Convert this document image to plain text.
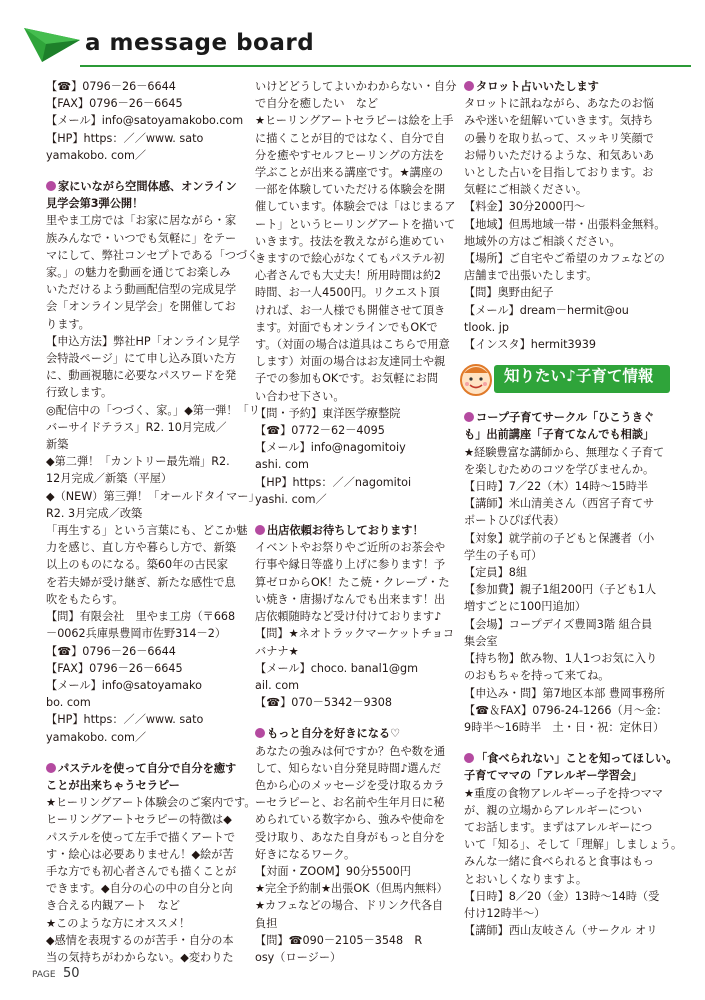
a message board
【☎】0796－26－6644
【FAX】0796－26－6645
【メール】info@satoyamakobo.com
【HP】https：／／www. sato
yamakobo. com／
家にいながら空間体感、オンライン
見学会第3弾公開！
里やま工房では「お家に居ながら・家
族みんなで・いつでも気軽に」をテー
マにして、弊社コンセプトである「つづく、
家。」の魅力を動画を通じてお楽しみ
いただけるよう動画配信型の完成見学
会「オンライン見学会」を開催してお
ります。
【申込方法】弊社HP「オンライン見学
会特設ページ」にて申し込み頂いた方
に、動画視聴に必要なパスワードを発
行致します。
◎配信中の「つづく、家。」◆第一弾！「リ
バーサイドテラス」R2. 10月完成／
新築
◆第二弾！「カントリー最先端」R2.
12月完成／新築（平屋）
◆（NEW）第三弾！「オールドタイマー」
R2. 3月完成／改築
「再生する」という言葉にも、どこか魅
力を感じ、直し方や暮らし方で、新築
以上のものになる。築60年の古民家
を若夫婦が受け継ぎ、新たな感性で息
吹をもたらす。
【問】有限会社　里やま工房（〒668
－0062兵庫県豊岡市佐野314－2）
【☎】0796－26－6644
【FAX】0796－26－6645
【メール】info@satoyamako
bo. com
【HP】https：／／www. sato
yamakobo. com／
パステルを使って自分で自分を癒す
ことが出来ちゃうセラピー
★ヒーリングアート体験会のご案内です。
ヒーリングアートセラピーの特徴は◆
パステルを使って左手で描くアートで
す・絵心は必要ありません！◆絵が苦
手な方でも初心者さんでも描くことが
できます。◆自分の心の中の自分と向
き合える内観アート　など
★このような方にオススメ！
◆感情を表現するのが苦手・自分の本
当の気持ちがわからない。◆変わりた
いけどどうしてよいかわからない・自分
で自分を癒したい　など
★ヒーリングアートセラピーは絵を上手
に描くことが目的ではなく、自分で自
分を癒やすセルフヒーリングの方法を
学ぶことが出来る講座です。★講座の
一部を体験していただける体験会を開
催しています。体験会では「はじまるア
ート」というヒーリングアートを描いて
いきます。技法を教えながら進めてい
きますので絵心がなくてもパステル初
心者さんでも大丈夫！所用時間は約2
時間、お一人4500円。リクエスト頂
ければ、お一人様でも開催させて頂き
ます。対面でもオンラインでもOKで
す。（対面の場合は道具はこちらで用意
します）対面の場合はお友達同士や親
子での参加もOKです。お気軽にお問
い合わせ下さい。
【問・予約】東洋医学療整院
【☎】0772－62－4095
【メール】info@nagomitoiy
ashi. com
【HP】https：／／nagomitoi
yashi. com／
出店依頼お待ちしております！
イベントやお祭りやご近所のお茶会や
行事や縁日等盛り上げに参ります！予
算ゼロからOK！たこ焼・クレープ・た
い焼き・唐揚げなんでも出来ます！出
店依頼随時など受け付けております♪
【問】★ネオトラックマーケットチョコ
バナナ★
【メール】choco. banal1@gm
ail. com
【☎】070－5342－9308
もっと自分を好きになる♡
あなたの強みは何ですか？色や数を通
して、知らない自分発見時間♪選んだ
色から心のメッセージを受け取るカラ
ーセラピーと、お名前や生年月日に秘
められている数字から、強みや使命を
受け取り、あなた自身がもっと自分を
好きになるワーク。
【対面・ZOOM】90分5500円
★完全予約制★出張OK（但馬内無料）
★カフェなどの場合、ドリンク代各自
負担
【問】☎090－2105－3548　R
osy（ロージー）
タロット占いいたします
タロットに訊ねながら、あなたのお悩
みや迷いを紐解いていきます。気持ち
の曇りを取り払って、スッキリ笑顔で
お帰りいただけるような、和気あいあ
いとした占いを目指しております。お
気軽にご相談ください。
【料金】30分2000円～
【地域】但馬地域一帯・出張料金無料。
地域外の方はご相談ください。
【場所】ご自宅やご希望のカフェなどの
店舗まで出張いたします。
【問】奥野由紀子
【メール】dream－hermit@ou
tlook. jp
【インスタ】hermit3939
知りたい♪子育て情報
コープ子育てサークル「ひこうきぐ
も」出前講座「子育てなんでも相談」
★経験豊富な講師から、無理なく子育て
を楽しむためのコツを学びませんか。
【日時】7／22（木）14時～15時半
【講師】米山清美さん（西宮子育てサ
ポートひぴぽ代表）
【対象】就学前の子どもと保護者（小
学生の子も可）
【定員】8組
【参加費】親子1組200円（子ども1人
増すごとに100円追加）
【会場】コープデイズ豊岡3階 組合員
集会室
【持ち物】飲み物、1人1つお気に入り
のおもちゃを持って来てね。
【申込み・問】第7地区本部 豊岡事務所
【☎＆FAX】0796-24-1266（月～金：
9時半～16時半　土・日・祝：定休日）
「食べられない」ことを知ってほしい。
子育てママの「アレルギー学習会」
★重度の食物アレルギーっ子を持つママ
が、親の立場からアレルギーについ
てお話します。まずはアレルギーにつ
いて「知る」、そして「理解」しましょう。
みんな一緒に食べられると食事はもっ
とおいしくなりますよ。
【日時】8／20（金）13時～14時（受
付け12時半～）
【講師】西山友岐さん（サークル オリ
PAGE 50
